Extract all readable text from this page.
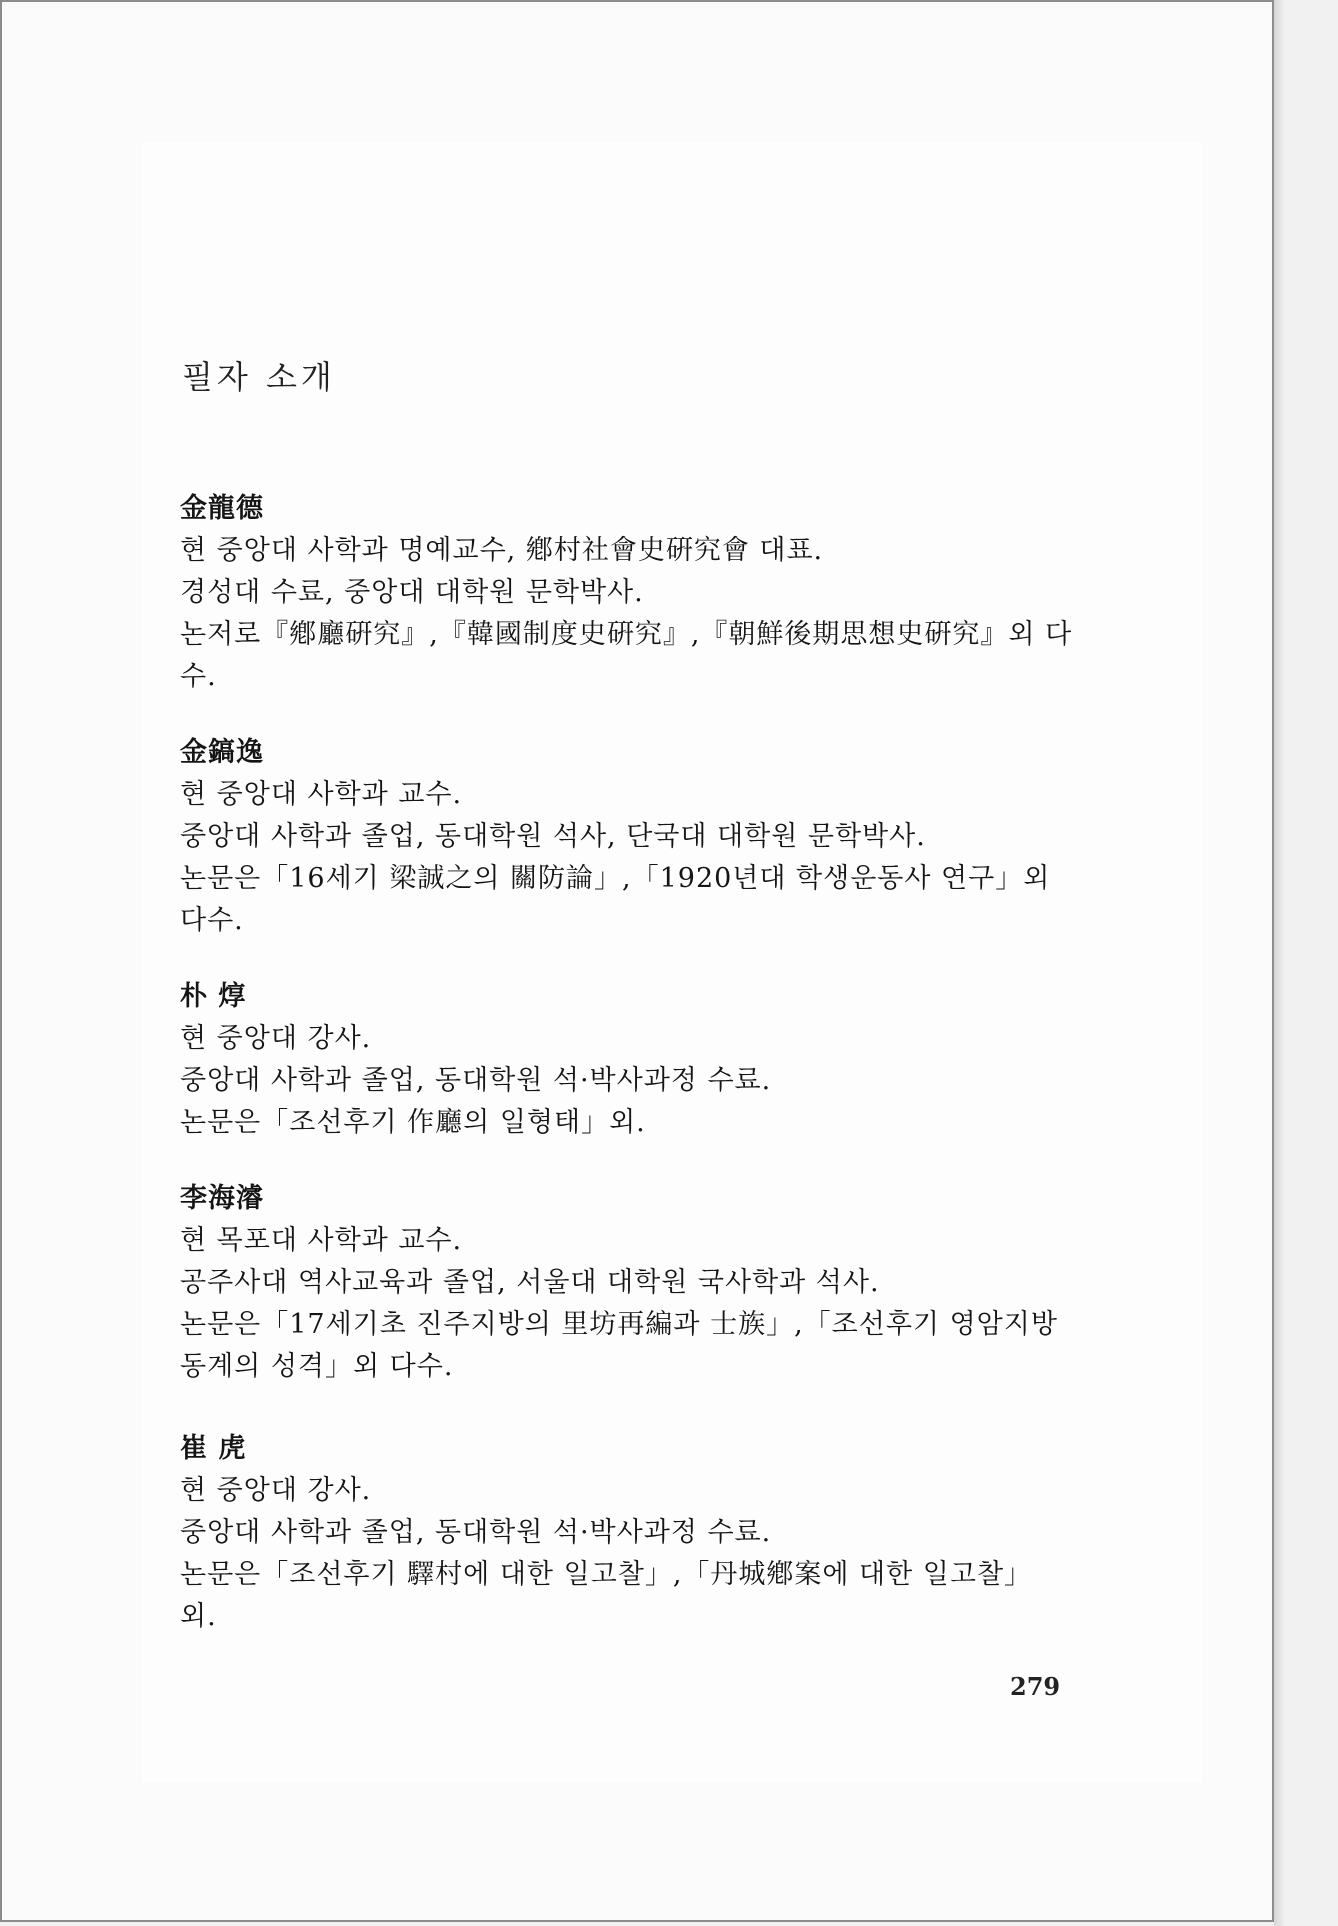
필자 소개
金龍德
현 중앙대 사학과 명예교수, 鄕村社會史硏究會 대표.
경성대 수료, 중앙대 대학원 문학박사.
논저로『鄕廳硏究』,『韓國制度史硏究』,『朝鮮後期思想史硏究』외 다
수.
金鎬逸
현 중앙대 사학과 교수.
중앙대 사학과 졸업, 동대학원 석사, 단국대 대학원 문학박사.
논문은「16세기 梁誠之의 關防論」,「1920년대 학생운동사 연구」외
다수.
朴 焞
현 중앙대 강사.
중앙대 사학과 졸업, 동대학원 석·박사과정 수료.
논문은「조선후기 作廳의 일형태」외.
李海濬
현 목포대 사학과 교수.
공주사대 역사교육과 졸업, 서울대 대학원 국사학과 석사.
논문은「17세기초 진주지방의 里坊再編과 士族」,「조선후기 영암지방
동계의 성격」외 다수.
崔 虎
현 중앙대 강사.
중앙대 사학과 졸업, 동대학원 석·박사과정 수료.
논문은「조선후기 驛村에 대한 일고찰」,「丹城鄕案에 대한 일고찰」
외.
279
